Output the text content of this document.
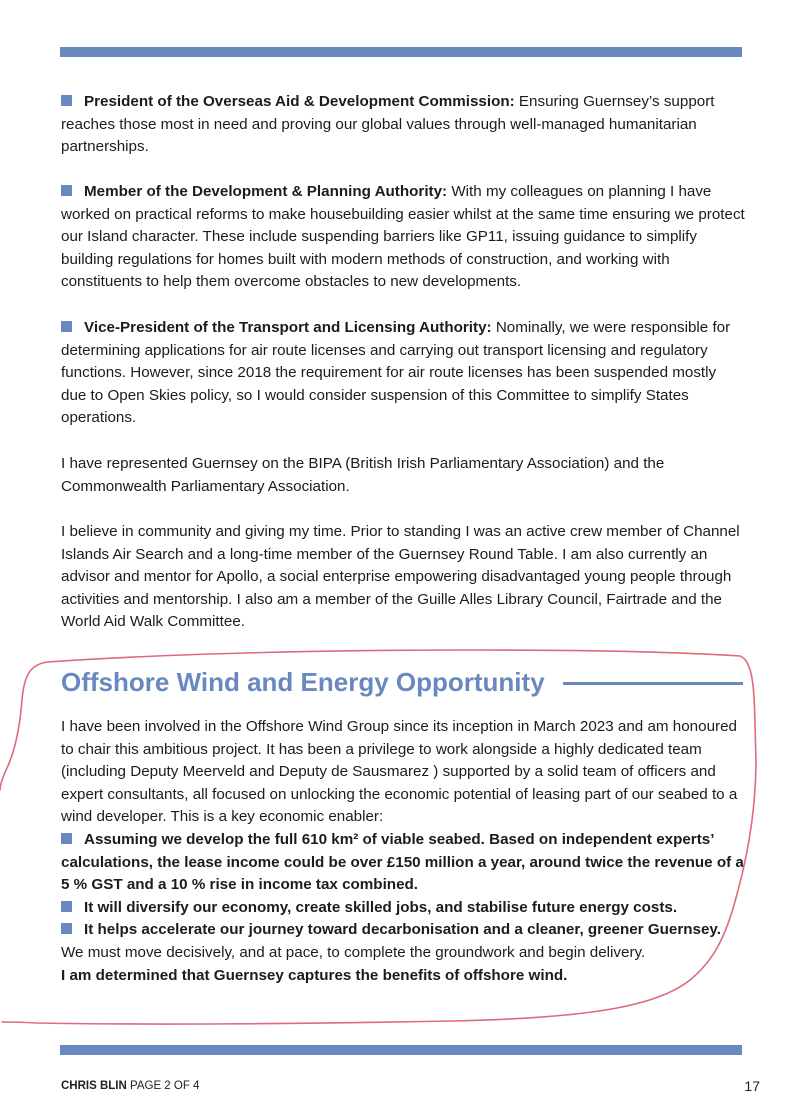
President of the Overseas Aid & Development Commission: Ensuring Guernsey’s support reaches those most in need and proving our global values through well-managed humanitarian partnerships.
Member of the Development & Planning Authority: With my colleagues on planning I have worked on practical reforms to make housebuilding easier whilst at the same time ensuring we protect our Island character. These include suspending barriers like GP11, issuing guidance to simplify building regulations for homes built with modern methods of construction, and working with constituents to help them overcome obstacles to new developments.
Vice-President of the Transport and Licensing Authority: Nominally, we were responsible for determining applications for air route licenses and carrying out transport licensing and regulatory functions. However, since 2018 the requirement for air route licenses has been suspended mostly due to Open Skies policy, so I would consider suspension of this Committee to simplify States operations.
I have represented Guernsey on the BIPA (British Irish Parliamentary Association) and the Commonwealth Parliamentary Association.
I believe in community and giving my time. Prior to standing I was an active crew member of Channel Islands Air Search and a long-time member of the Guernsey Round Table. I am also currently an advisor and mentor for Apollo, a social enterprise empowering disadvantaged young people through activities and mentorship. I also am a member of the Guille Alles Library Council, Fairtrade and the World Aid Walk Committee.
Offshore Wind and Energy Opportunity
I have been involved in the Offshore Wind Group since its inception in March 2023 and am honoured to chair this ambitious project. It has been a privilege to work alongside a highly dedicated team (including Deputy Meerveld and Deputy de Sausmarez ) supported by a solid team of officers and expert consultants, all focused on unlocking the economic potential of leasing part of our seabed to a wind developer. This is a key economic enabler:
Assuming we develop the full 610 km² of viable seabed. Based on independent experts’ calculations, the lease income could be over £150 million a year, around twice the revenue of a 5 % GST and a 10 % rise in income tax combined.
It will diversify our economy, create skilled jobs, and stabilise future energy costs.
It helps accelerate our journey toward decarbonisation and a cleaner, greener Guernsey.
We must move decisively, and at pace, to complete the groundwork and begin delivery.
I am determined that Guernsey captures the benefits of offshore wind.
CHRIS BLIN PAGE 2 OF 4	17
